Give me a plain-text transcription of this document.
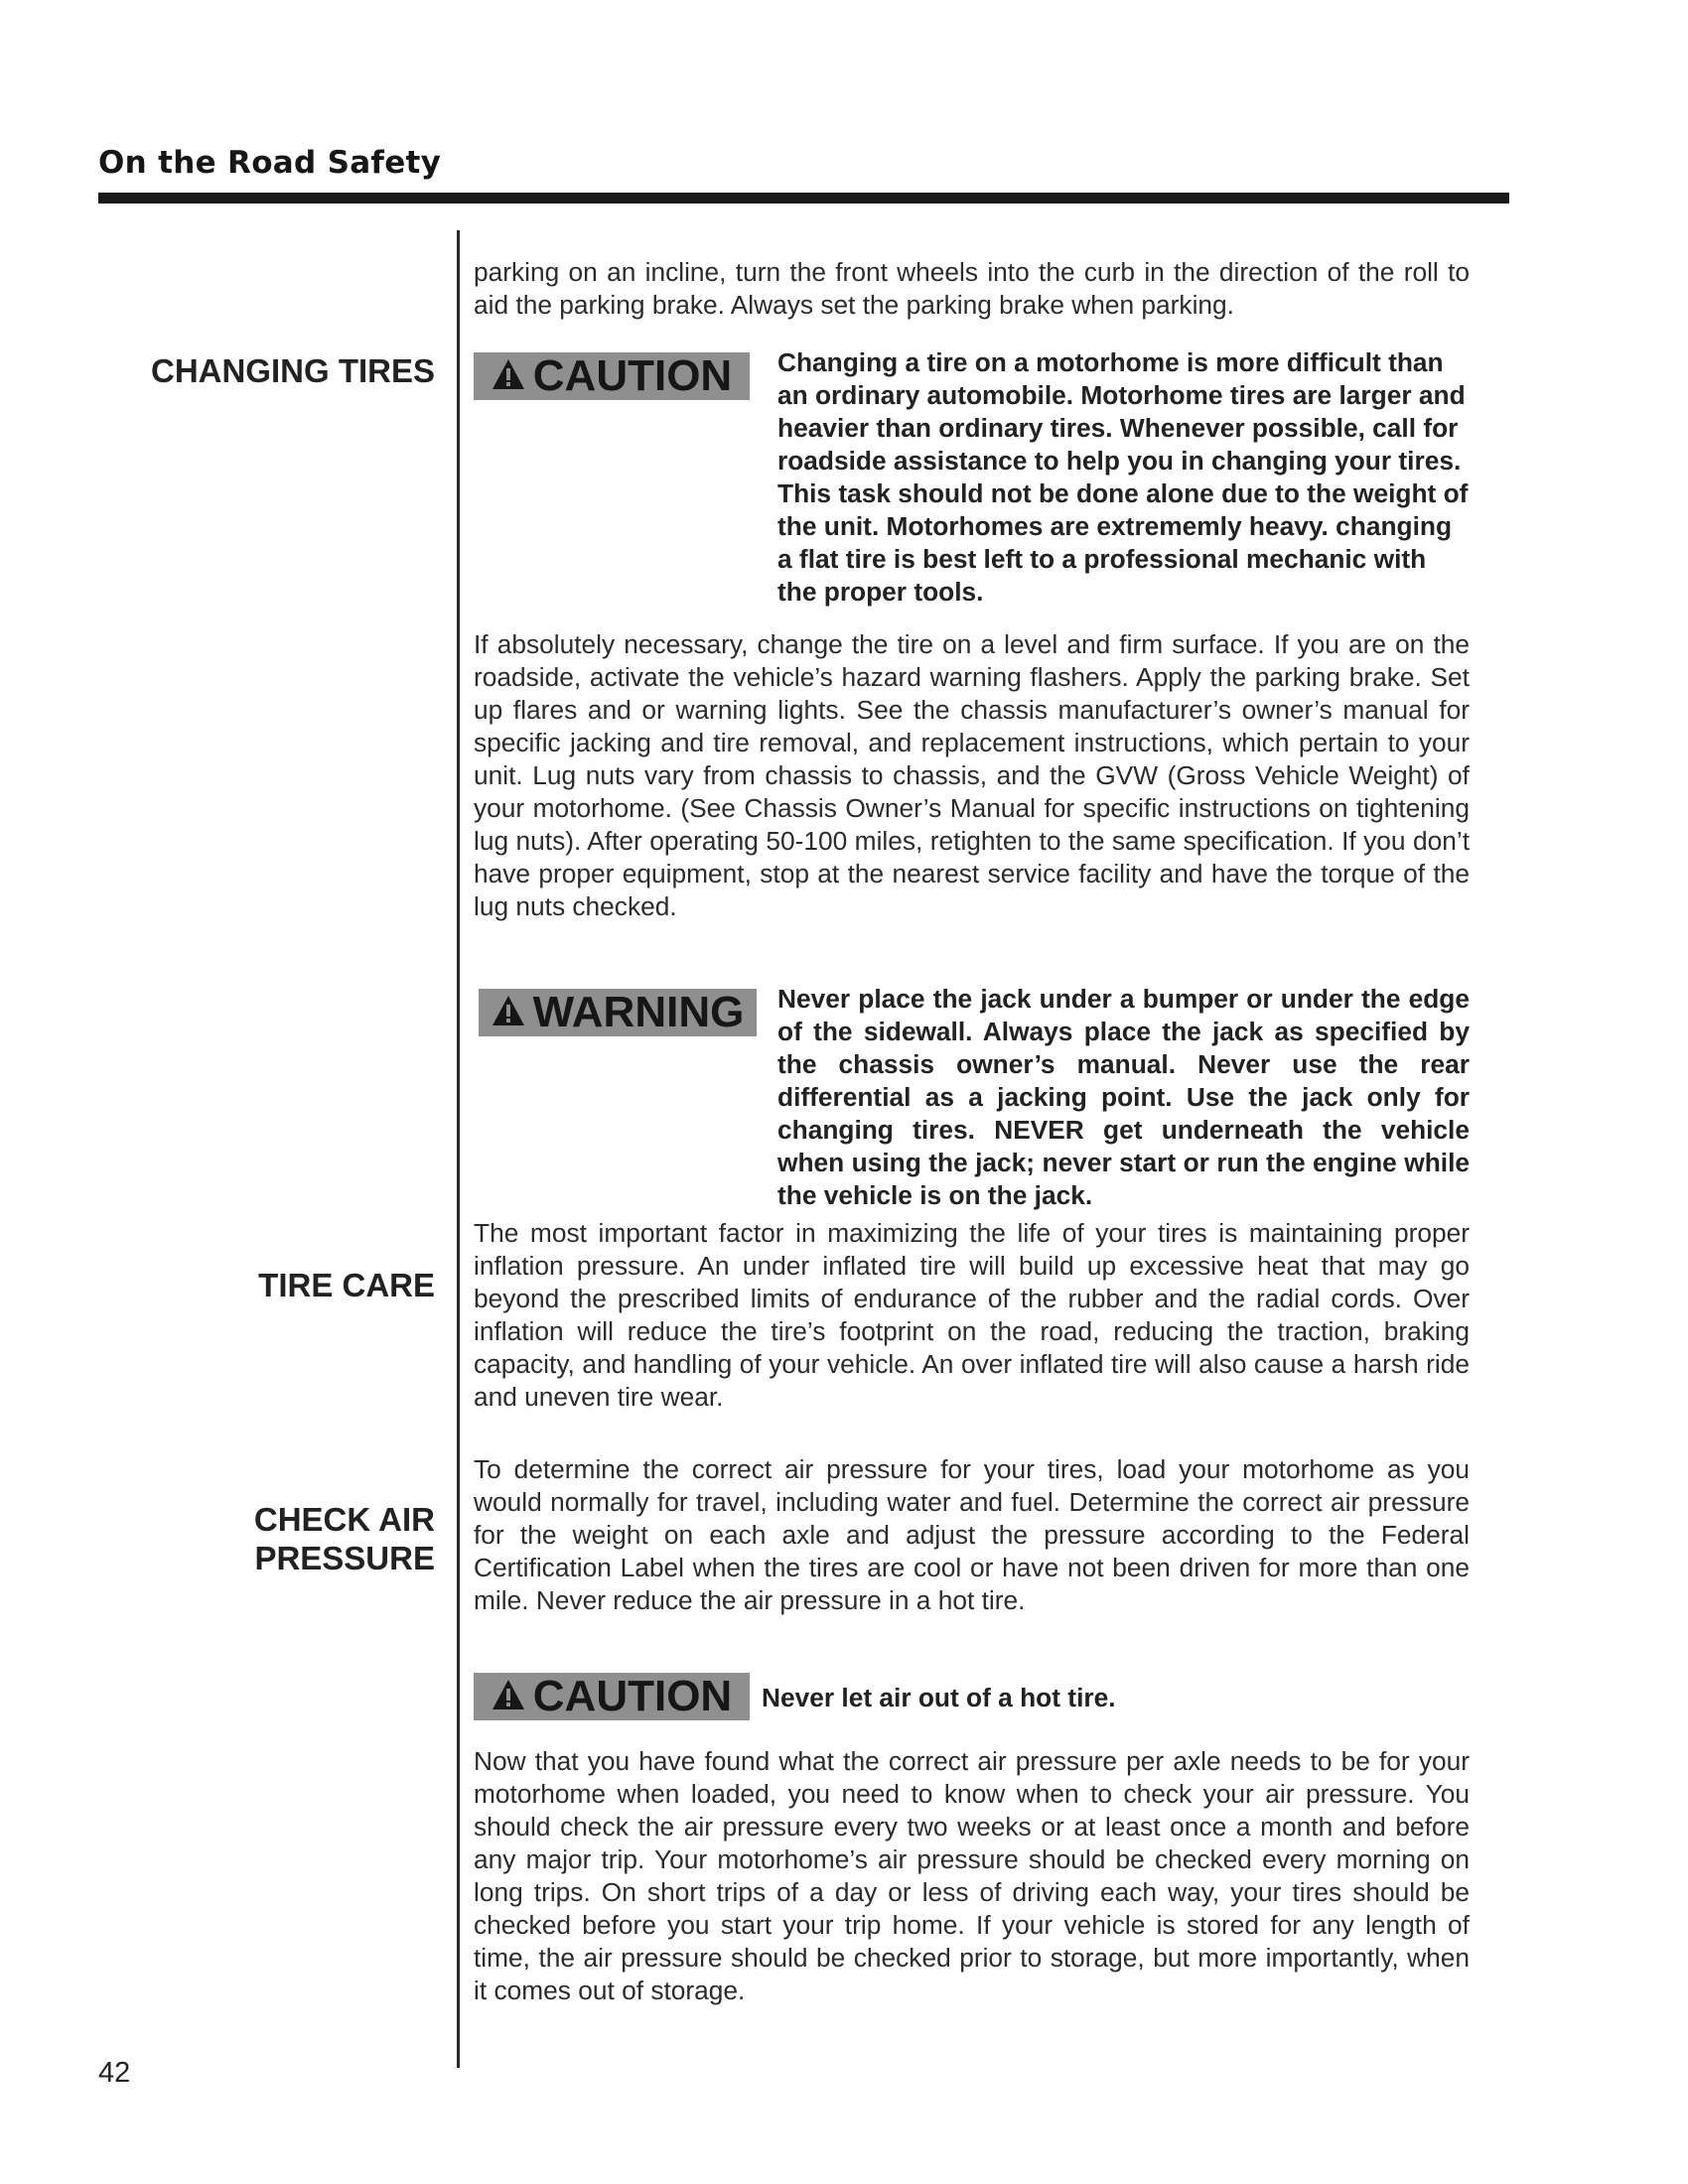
On the Road Safety
CHANGING TIRES
TIRE CARE
CHECK AIR
PRESSURE

parking on an incline, turn the front wheels into the curb in the direction of the roll to aid the parking brake. Always set the parking brake when parking.

CAUTION Changing a tire on a motorhome is more difficult than an ordinary automobile. Motorhome tires are larger and heavier than ordinary tires. Whenever possible, call for roadside assistance to help you in changing your tires. This task should not be done alone due to the weight of the unit. Motorhomes are extrememly heavy. changing a flat tire is best left to a professional mechanic with the proper tools.

If absolutely necessary, change the tire on a level and firm surface. If you are on the roadside, activate the vehicle’s hazard warning flashers. Apply the parking brake. Set up flares and or warning lights. See the chassis manufacturer’s owner’s manual for specific jacking and tire removal, and replacement instructions, which pertain to your unit. Lug nuts vary from chassis to chassis, and the GVW (Gross Vehicle Weight) of your motorhome. (See Chassis Owner’s Manual for specific instructions on tightening lug nuts). After operating 50-100 miles, retighten to the same specification. If you don’t have proper equipment, stop at the nearest service facility and have the torque of the lug nuts checked.

WARNING Never place the jack under a bumper or under the edge of the sidewall. Always place the jack as specified by the chassis owner’s manual. Never use the rear differential as a jacking point. Use the jack only for changing tires. NEVER get underneath the vehicle when using the jack; never start or run the engine while the vehicle is on the jack.

The most important factor in maximizing the life of your tires is maintaining proper inflation pressure. An under inflated tire will build up excessive heat that may go beyond the prescribed limits of endurance of the rubber and the radial cords. Over inflation will reduce the tire’s footprint on the road, reducing the traction, braking capacity, and handling of your vehicle. An over inflated tire will also cause a harsh ride and uneven tire wear.

To determine the correct air pressure for your tires, load your motorhome as you would normally for travel, including water and fuel. Determine the correct air pressure for the weight on each axle and adjust the pressure according to the Federal Certification Label when the tires are cool or have not been driven for more than one mile. Never reduce the air pressure in a hot tire.

CAUTION Never let air out of a hot tire.

Now that you have found what the correct air pressure per axle needs to be for your motorhome when loaded, you need to know when to check your air pressure. You should check the air pressure every two weeks or at least once a month and before any major trip. Your motorhome’s air pressure should be checked every morning on long trips. On short trips of a day or less of driving each way, your tires should be checked before you start your trip home. If your vehicle is stored for any length of time, the air pressure should be checked prior to storage, but more importantly, when it comes out of storage.

42
